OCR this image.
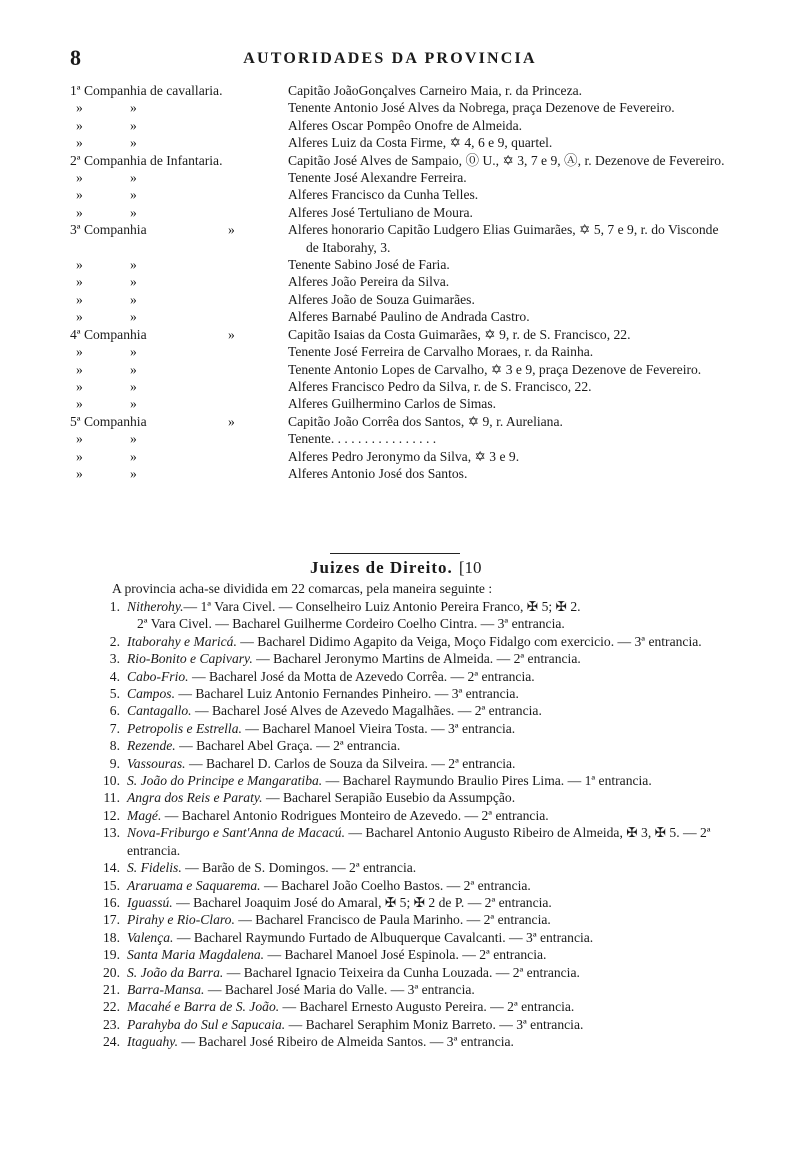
8	AUTORIDADES DA PROVINCIA
1ª Companhia de cavallaria.	Capitão JoãoGonçalves Carneiro Maia, r. da Princeza.
»	»	Tenente Antonio José Alves da Nobrega, praça Dezenove de Fevereiro.
»	»	Alferes Oscar Pompêo Onofre de Almeida.
»	»	Alferes Luiz da Costa Firme, ✡ 4, 6 e 9, quartel.
2ª Companhia de Infantaria.	Capitão José Alves de Sampaio, ⓪ U., ✡ 3, 7 e 9, Ⓐ, r. Dezenove de Fevereiro.
»	»	Tenente José Alexandre Ferreira.
»	»	Alferes Francisco da Cunha Telles.
»	»	Alferes José Tertuliano de Moura.
3ª Companhia	»	Alferes honorario Capitão Ludgero Elias Guimarães, ✡ 5, 7 e 9, r. do Visconde de Itaborahy, 3.
»	»	Tenente Sabino José de Faria.
»	»	Alferes João Pereira da Silva.
»	»	Alferes João de Souza Guimarães.
»	»	Alferes Barnabé Paulino de Andrada Castro.
4ª Companhia	»	Capitão Isaias da Costa Guimarães, ✡ 9, r. de S. Francisco, 22.
»	»	Tenente José Ferreira de Carvalho Moraes, r. da Rainha.
»	»	Tenente Antonio Lopes de Carvalho, ✡ 3 e 9, praça Dezenove de Fevereiro.
»	»	Alferes Francisco Pedro da Silva, r. de S. Francisco, 22.
»	»	Alferes Guilhermino Carlos de Simas.
5ª Companhia	»	Capitão João Corrêa dos Santos, ✡ 9, r. Aureliana.
»	»	Tenente. . . . . . . . . . . . . . . .
»	»	Alferes Pedro Jeronymo da Silva, ✡ 3 e 9.
»	»	Alferes Antonio José dos Santos.
Juizes de Direito. [10
A provincia acha-se dividida em 22 comarcas, pela maneira seguinte :
1. Nitherohy.— 1ª Vara Civel. — Conselheiro Luiz Antonio Pereira Franco, ✠ 5; ✠ 2.
2ª Vara Civel. — Bacharel Guilherme Cordeiro Coelho Cintra. — 3ª entrancia.
2. Itaborahy e Maricá. — Bacharel Didimo Agapito da Veiga, Moço Fidalgo com exercicio. — 3ª entrancia.
3. Rio-Bonito e Capivary. — Bacharel Jeronymo Martins de Almeida. — 2ª entrancia.
4. Cabo-Frio. — Bacharel José da Motta de Azevedo Corrêa. — 2ª entrancia.
5. Campos. — Bacharel Luiz Antonio Fernandes Pinheiro. — 3ª entrancia.
6. Cantagallo. — Bacharel José Alves de Azevedo Magalhães. — 2ª entrancia.
7. Petropolis e Estrella. — Bacharel Manoel Vieira Tosta. — 3ª entrancia.
8. Rezende. — Bacharel Abel Graça. — 2ª entrancia.
9. Vassouras. — Bacharel D. Carlos de Souza da Silveira. — 2ª entrancia.
10. S. João do Principe e Mangaratiba. — Bacharel Raymundo Braulio Pires Lima. — 1ª entrancia.
11. Angra dos Reis e Paraty. — Bacharel Serapião Eusebio da Assumpção.
12. Magé. — Bacharel Antonio Rodrigues Monteiro de Azevedo. — 2ª entrancia.
13. Nova-Friburgo e Sant'Anna de Macacú. — Bacharel Antonio Augusto Ribeiro de Almeida, ✠ 3, ✠ 5. — 2ª entrancia.
14. S. Fidelis. — Barão de S. Domingos. — 2ª entrancia.
15. Araruama e Saquarema. — Bacharel João Coelho Bastos. — 2ª entrancia.
16. Iguassú. — Bacharel Joaquim José do Amaral, ✠ 5; ✠ 2 de P. — 2ª entrancia.
17. Pirahy e Rio-Claro. — Bacharel Francisco de Paula Marinho. — 2ª entrancia.
18. Valença. — Bacharel Raymundo Furtado de Albuquerque Cavalcanti. — 3ª entrancia.
19. Santa Maria Magdalena. — Bacharel Manoel José Espinola. — 2ª entrancia.
20. S. João da Barra. — Bacharel Ignacio Teixeira da Cunha Louzada. — 2ª entrancia.
21. Barra-Mansa. — Bacharel José Maria do Valle. — 3ª entrancia.
22. Macahé e Barra de S. João. — Bacharel Ernesto Augusto Pereira. — 2ª entrancia.
23. Parahyba do Sul e Sapucaia. — Bacharel Seraphim Moniz Barreto. — 3ª entrancia.
24. Itaguahy. — Bacharel José Ribeiro de Almeida Santos. — 3ª entrancia.
